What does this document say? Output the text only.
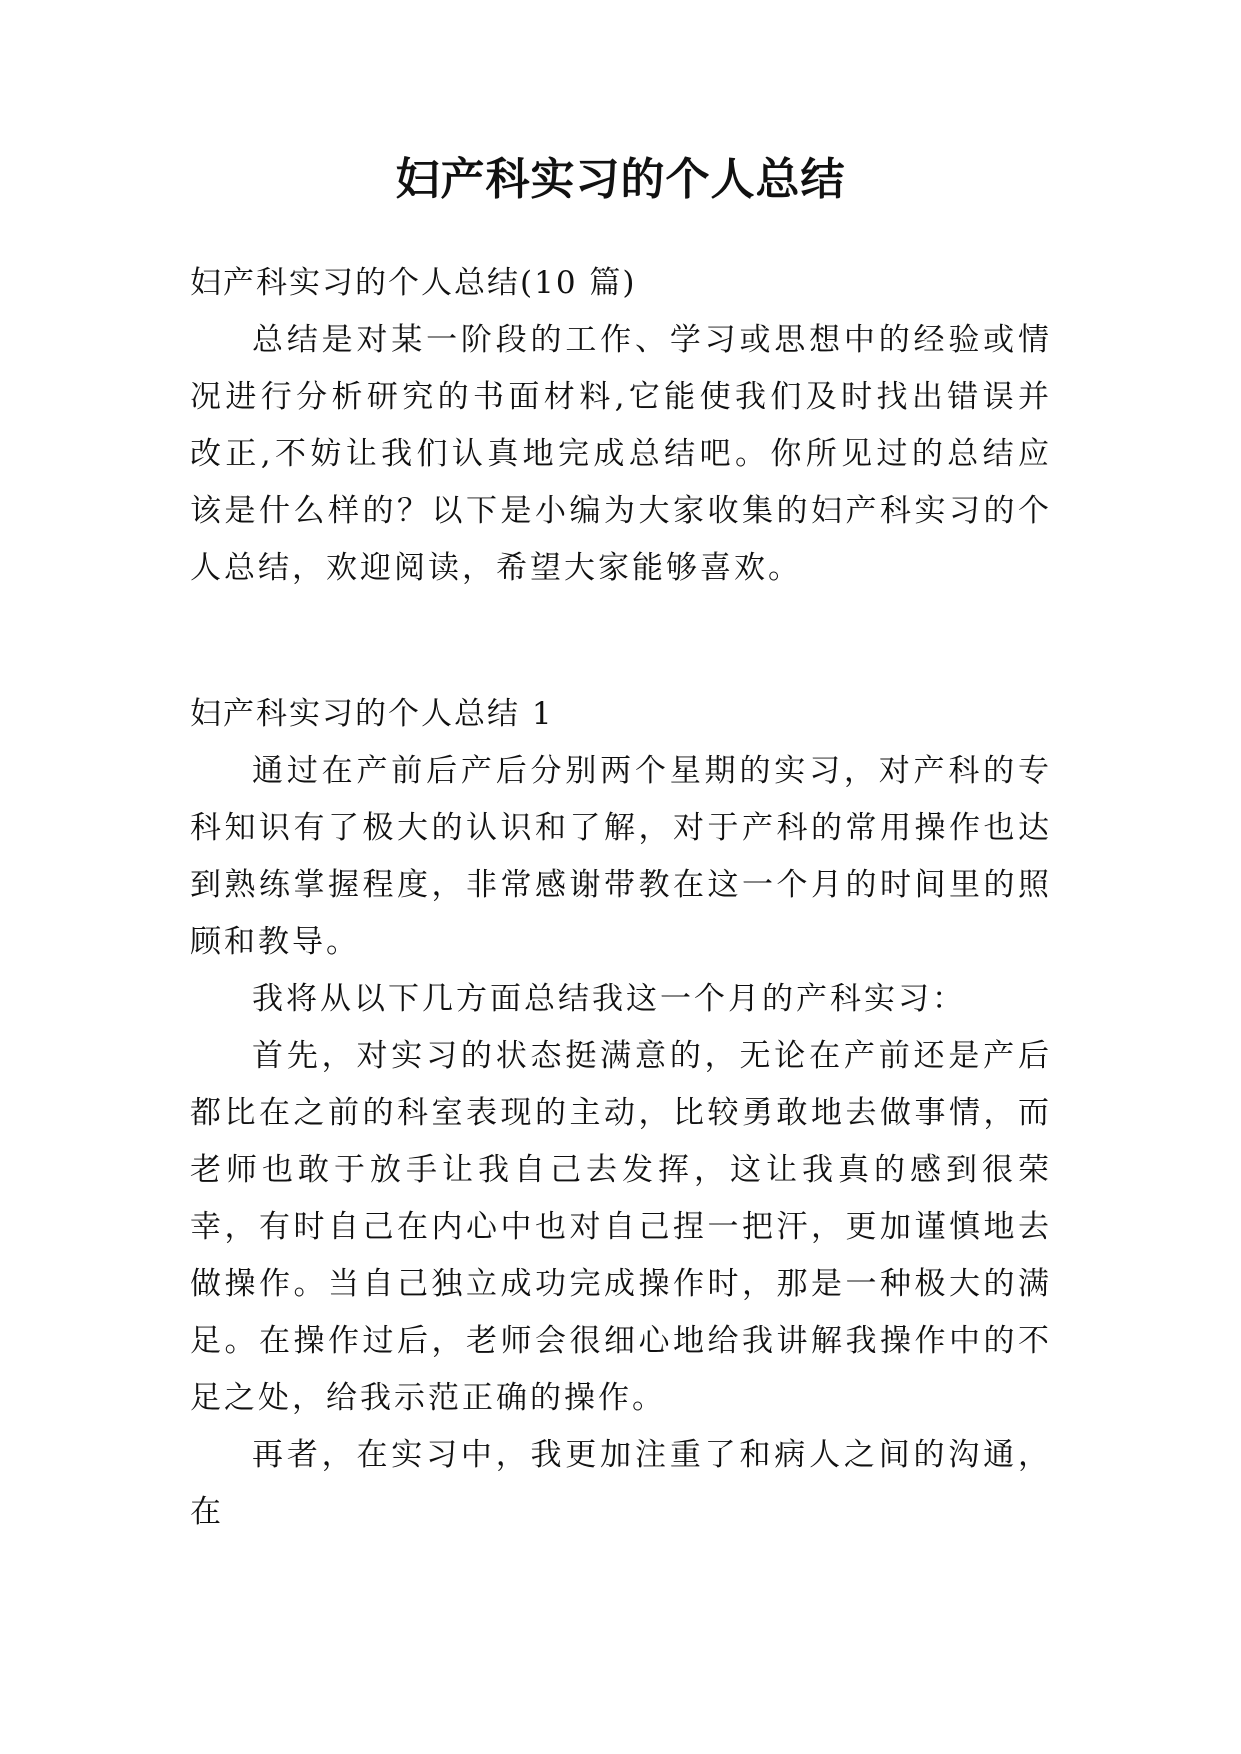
妇产科实习的个人总结
妇产科实习的个人总结(10 篇)

总结是对某一阶段的工作、学习或思想中的经验或情况进行分析研究的书面材料,它能使我们及时找出错误并改正,不妨让我们认真地完成总结吧。你所见过的总结应该是什么样的？以下是小编为大家收集的妇产科实习的个人总结，欢迎阅读，希望大家能够喜欢。

妇产科实习的个人总结 1

通过在产前后产后分别两个星期的实习，对产科的专科知识有了极大的认识和了解，对于产科的常用操作也达到熟练掌握程度，非常感谢带教在这一个月的时间里的照顾和教导。

我将从以下几方面总结我这一个月的产科实习：

首先，对实习的状态挺满意的，无论在产前还是产后都比在之前的科室表现的主动，比较勇敢地去做事情，而老师也敢于放手让我自己去发挥，这让我真的感到很荣幸，有时自己在内心中也对自己捏一把汗，更加谨慎地去做操作。当自己独立成功完成操作时，那是一种极大的满足。在操作过后，老师会很细心地给我讲解我操作中的不足之处，给我示范正确的操作。

再者，在实习中，我更加注重了和病人之间的沟通，在
